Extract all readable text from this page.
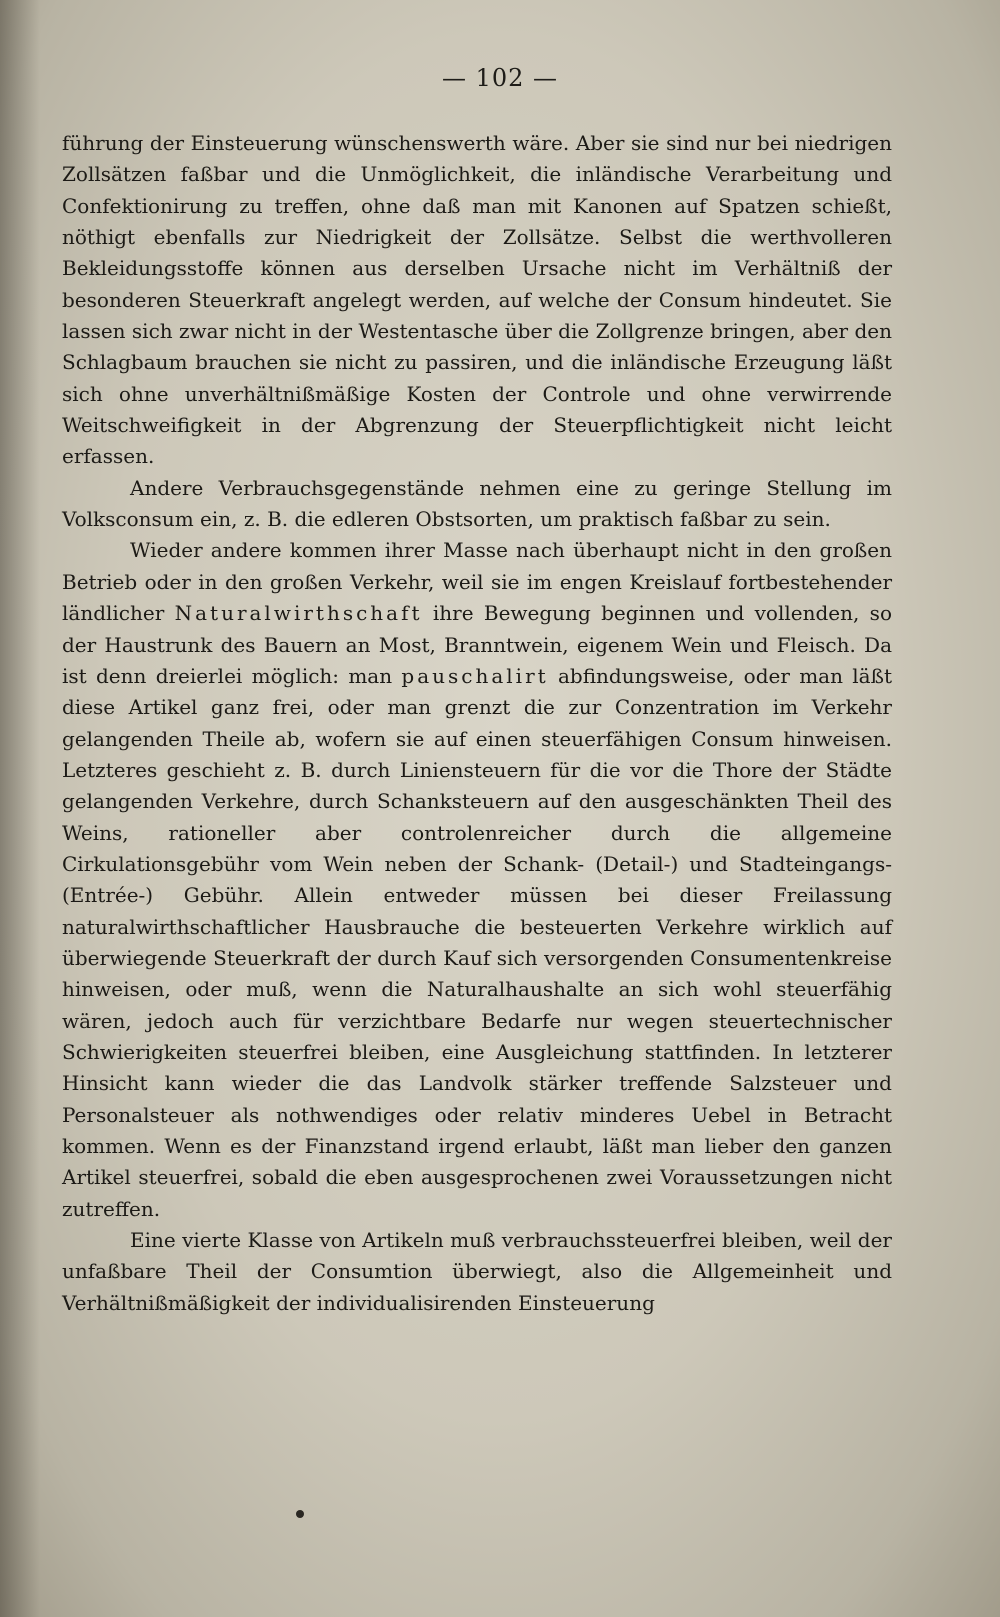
— 102 —

führung der Einsteuerung wünschenswerth wäre. Aber sie sind nur bei niedrigen Zollsätzen faßbar und die Unmöglichkeit, die inländische Verarbeitung und Confektionirung zu treffen, ohne daß man mit Kanonen auf Spatzen schießt, nöthigt ebenfalls zur Niedrigkeit der Zollsätze. Selbst die werthvolleren Bekleidungsstoffe können aus derselben Ursache nicht im Verhältniß der besonderen Steuerkraft angelegt werden, auf welche der Consum hindeutet. Sie lassen sich zwar nicht in der Westentasche über die Zollgrenze bringen, aber den Schlagbaum brauchen sie nicht zu passiren, und die inländische Erzeugung läßt sich ohne unverhältnißmäßige Kosten der Controle und ohne verwirrende Weitschweifigkeit in der Abgrenzung der Steuerpflichtigkeit nicht leicht erfassen.

Andere Verbrauchsgegenstände nehmen eine zu geringe Stellung im Volksconsum ein, z. B. die edleren Obstsorten, um praktisch faßbar zu sein.

Wieder andere kommen ihrer Masse nach überhaupt nicht in den großen Betrieb oder in den großen Verkehr, weil sie im engen Kreislauf fortbestehender ländlicher Naturalwirthschaft ihre Bewegung beginnen und vollenden, so der Haustrunk des Bauern an Most, Branntwein, eigenem Wein und Fleisch. Da ist denn dreierlei möglich: man pauschalirt abfindungsweise, oder man läßt diese Artikel ganz frei, oder man grenzt die zur Conzentration im Verkehr gelangenden Theile ab, wofern sie auf einen steuerfähigen Consum hinweisen. Letzteres geschieht z. B. durch Liniensteuern für die vor die Thore der Städte gelangenden Verkehre, durch Schanksteuern auf den ausgeschänkten Theil des Weins, rationeller aber controlenreicher durch die allgemeine Cirkulationsgebühr vom Wein neben der Schank- (Detail-) und Stadteingangs- (Entrée-) Gebühr. Allein entweder müssen bei dieser Freilassung naturalwirthschaftlicher Hausbrauche die besteuerten Verkehre wirklich auf überwiegende Steuerkraft der durch Kauf sich versorgenden Consumentenkreise hinweisen, oder muß, wenn die Naturalhaushalte an sich wohl steuerfähig wären, jedoch auch für verzichtbare Bedarfe nur wegen steuertechnischer Schwierigkeiten steuerfrei bleiben, eine Ausgleichung stattfinden. In letzterer Hinsicht kann wieder die das Landvolk stärker treffende Salzsteuer und Personalsteuer als nothwendiges oder relativ minderes Uebel in Betracht kommen. Wenn es der Finanzstand irgend erlaubt, läßt man lieber den ganzen Artikel steuerfrei, sobald die eben ausgesprochenen zwei Voraussetzungen nicht zutreffen.

Eine vierte Klasse von Artikeln muß verbrauchssteuerfrei bleiben, weil der unfaßbare Theil der Consumtion überwiegt, also die Allgemeinheit und Verhältnißmäßigkeit der individualisirenden Einsteuerung
